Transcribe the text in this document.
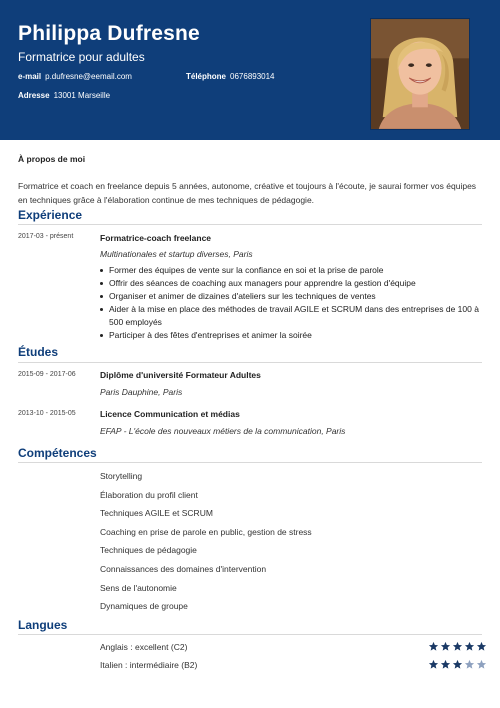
Philippa Dufresne
Formatrice pour adultes
e-mail p.dufresne@eemail.com	Téléphone 0676893014
Adresse 13001 Marseille
À propos de moi
Formatrice et coach en freelance depuis 5 années, autonome, créative et toujours à l'écoute, je saurai former vos équipes en techniques grâce à l'élaboration continue de mes techniques de pédagogie.
Expérience
2017-03 - présent	Formatrice-coach freelance
Multinationales et startup diverses, Paris
Former des équipes de vente sur la confiance en soi et la prise de parole
Offrir des séances de coaching aux managers pour apprendre la gestion d'équipe
Organiser et animer de dizaines d'ateliers sur les techniques de ventes
Aider à la mise en place des méthodes de travail AGILE et SCRUM dans des entreprises de 100 à 500 employés
Participer à des fêtes d'entreprises et animer la soirée
Études
2015-09 - 2017-06	Diplôme d'université Formateur Adultes
Paris Dauphine, Paris
2013-10 - 2015-05	Licence Communication et médias
EFAP - L'école des nouveaux métiers de la communication, Paris
Compétences
Storytelling
Élaboration du profil client
Techniques AGILE et SCRUM
Coaching en prise de parole en public, gestion de stress
Techniques de pédagogie
Connaissances des domaines d'intervention
Sens de l'autonomie
Dynamiques de groupe
Langues
Anglais : excellent (C2)
Italien : intermédiaire (B2)
